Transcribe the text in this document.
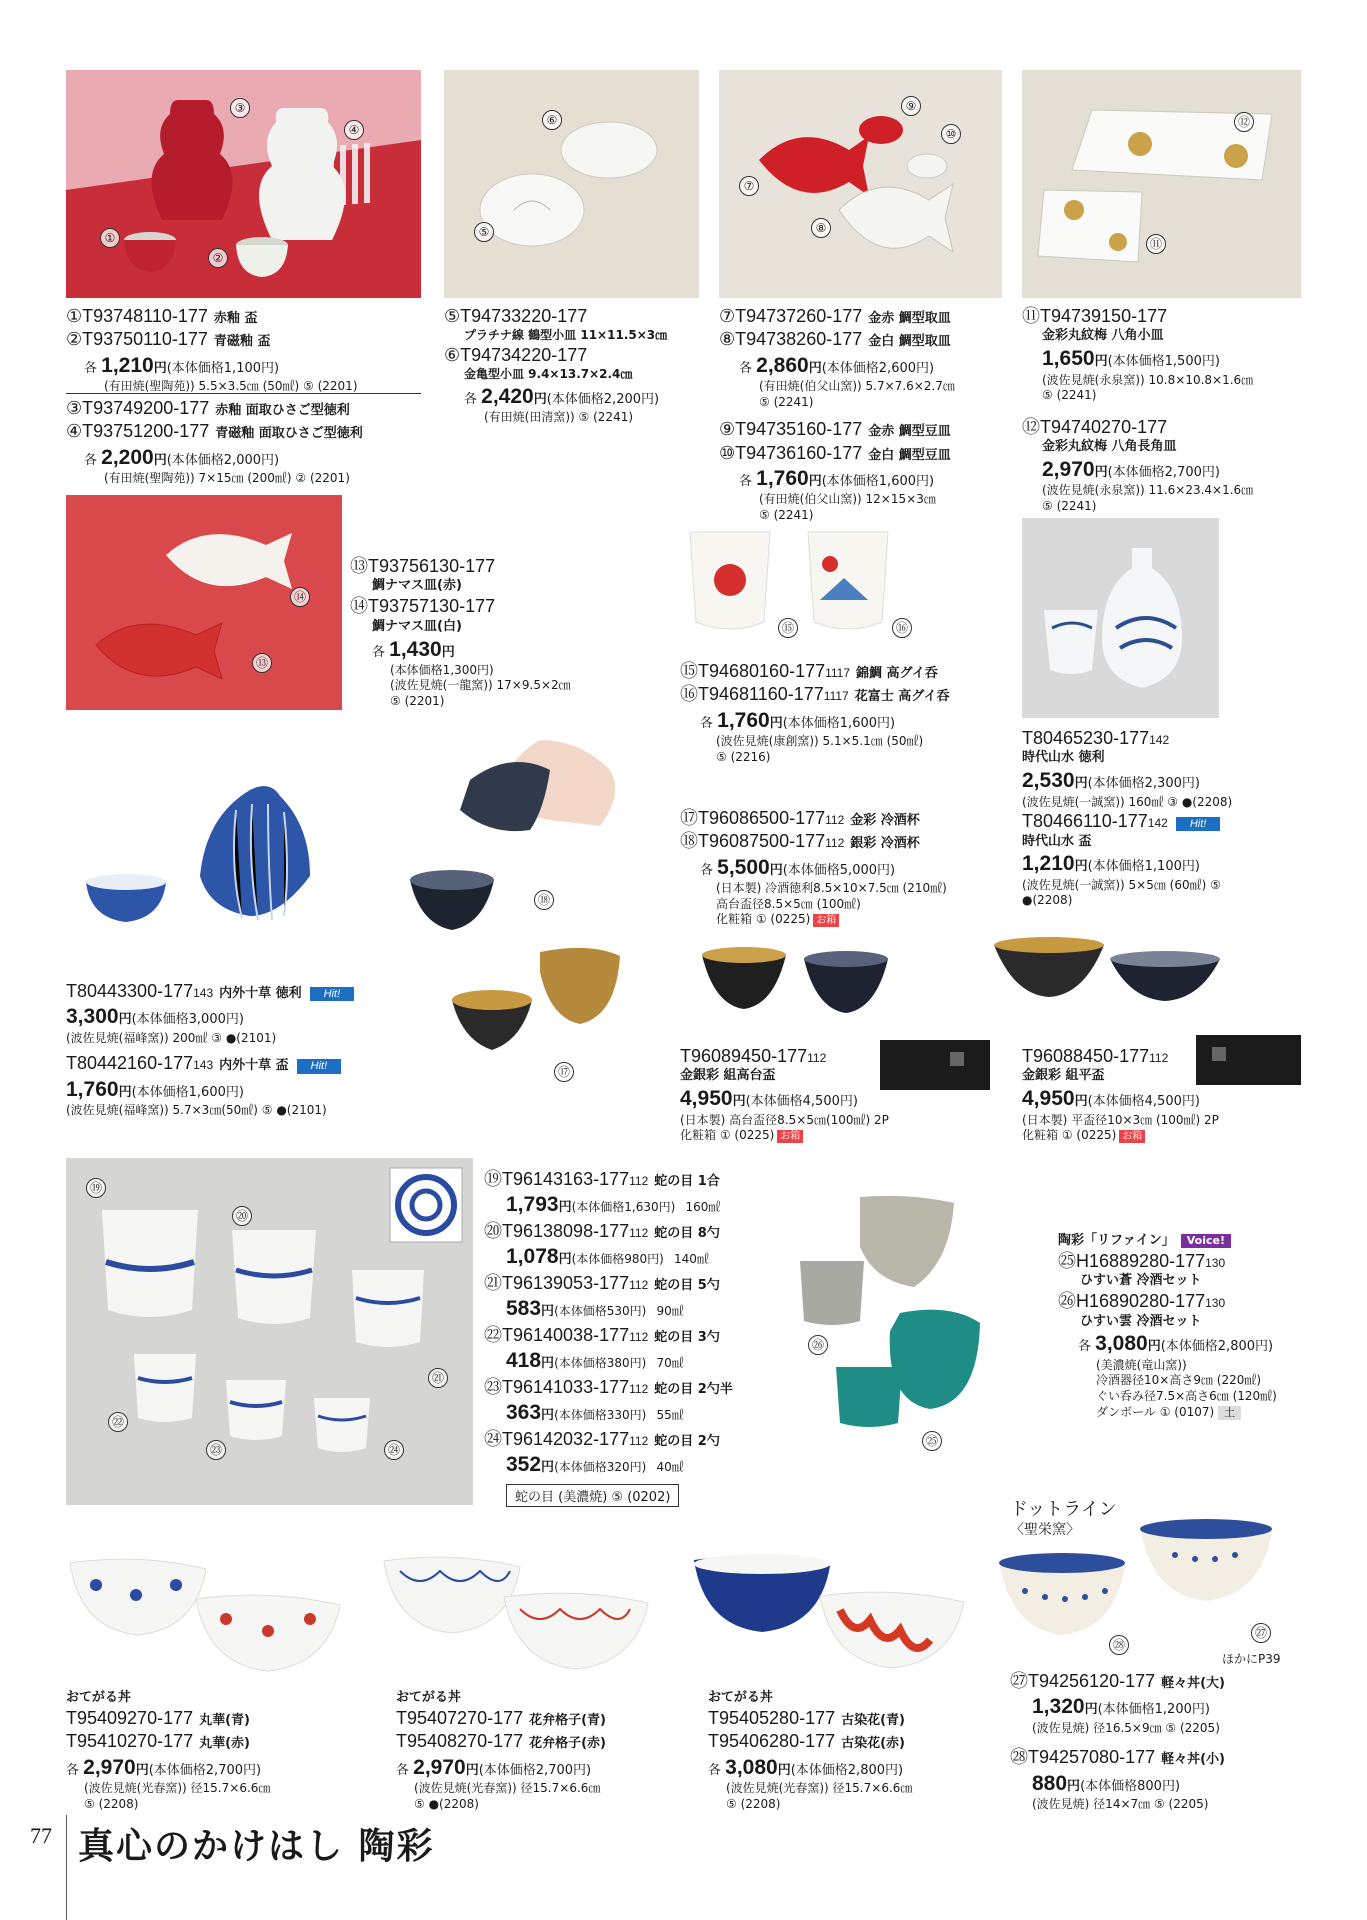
③
④
①
②
⑥
⑤
⑨
⑩
⑦
⑧
⑫
⑪
⑭
⑬
⑮	⑯
⑱
⑰
⑲
⑳
㉑
㉒
㉓	㉔
㉖
㉕
㉘
㉗
①T93748110-177 赤釉 盃
②T93750110-177 青磁釉 盃
各 1,210円(本体価格1,100円)
(有田焼(聖陶苑)) 5.5×3.5㎝ (50㎖) ⑤ (2201)
③T93749200-177 赤釉 面取ひさご型徳利
④T93751200-177 青磁釉 面取ひさご型徳利
各 2,200円(本体価格2,000円)
(有田焼(聖陶苑)) 7×15㎝ (200㎖) ② (2201)
⑤T94733220-177
プラチナ線 鶴型小皿 11×11.5×3㎝
⑥T94734220-177
金亀型小皿 9.4×13.7×2.4㎝
各 2,420円(本体価格2,200円)
(有田焼(田清窯)) ⑤ (2241)
⑦T94737260-177 金赤 鯛型取皿
⑧T94738260-177 金白 鯛型取皿
各 2,860円(本体価格2,600円)
(有田焼(伯父山窯)) 5.7×7.6×2.7㎝
⑤ (2241)
⑨T94735160-177 金赤 鯛型豆皿
⑩T94736160-177 金白 鯛型豆皿
各 1,760円(本体価格1,600円)
(有田焼(伯父山窯)) 12×15×3㎝
⑤ (2241)
⑪T94739150-177
金彩丸紋梅 八角小皿
1,650円(本体価格1,500円)
(波佐見焼(永泉窯)) 10.8×10.8×1.6㎝
⑤ (2241)
⑫T94740270-177
金彩丸紋梅 八角長角皿
2,970円(本体価格2,700円)
(波佐見焼(永泉窯)) 11.6×23.4×1.6㎝
⑤ (2241)
⑬T93756130-177
鯛ナマス皿(赤)
⑭T93757130-177
鯛ナマス皿(白)
各 1,430円
(本体価格1,300円)
(波佐見焼(一龍窯)) 17×9.5×2㎝
⑤ (2201)
⑮T94680160-1771117 錦鯛 高グイ呑
⑯T94681160-1771117 花富士 高グイ呑
各 1,760円(本体価格1,600円)
(波佐見焼(康創窯)) 5.1×5.1㎝ (50㎖)
⑤ (2216)
T80465230-177142
時代山水 徳利
2,530円(本体価格2,300円)
(波佐見焼(一誠窯)) 160㎖ ③ ●(2208)
T80466110-177142 Hit!
時代山水 盃
1,210円(本体価格1,100円)
(波佐見焼(一誠窯)) 5×5㎝ (60㎖) ⑤
●(2208)
T80443300-177143 内外十草 徳利 Hit!
3,300円(本体価格3,000円)
(波佐見焼(福峰窯)) 200㎖ ③ ●(2101)
T80442160-177143 内外十草 盃 Hit!
1,760円(本体価格1,600円)
(波佐見焼(福峰窯)) 5.7×3㎝(50㎖) ⑤ ●(2101)
⑰T96086500-177112 金彩 冷酒杯
⑱T96087500-177112 銀彩 冷酒杯
各 5,500円(本体価格5,000円)
(日本製) 冷酒徳利8.5×10×7.5㎝ (210㎖)
高台盃径8.5×5㎝ (100㎖)
化粧箱 ① (0225) お箱
T96089450-177112
金銀彩 組高台盃
4,950円(本体価格4,500円)
(日本製) 高台盃径8.5×5㎝(100㎖) 2P
化粧箱 ① (0225) お箱
T96088450-177112
金銀彩 組平盃
4,950円(本体価格4,500円)
(日本製) 平盃径10×3㎝ (100㎖) 2P
化粧箱 ① (0225) お箱
⑲T96143163-177112 蛇の目 1合
1,793円(本体価格1,630円) 160㎖
⑳T96138098-177112 蛇の目 8勺
1,078円(本体価格980円) 140㎖
㉑T96139053-177112 蛇の目 5勺
583円(本体価格530円) 90㎖
㉒T96140038-177112 蛇の目 3勺
418円(本体価格380円) 70㎖
㉓T96141033-177112 蛇の目 2勺半
363円(本体価格330円) 55㎖
㉔T96142032-177112 蛇の目 2勺
352円(本体価格320円) 40㎖
蛇の目 (美濃焼) ⑤ (0202)
陶彩「リファイン」 Voice!
㉕H16889280-177130
ひすい蒼 冷酒セット
㉖H16890280-177130
ひすい雲 冷酒セット
各 3,080円(本体価格2,800円)
(美濃焼(竜山窯))
冷酒器径10×高さ9㎝ (220㎖)
ぐい呑み径7.5×高さ6㎝ (120㎖)
ダンボール ① (0107) 土
ドットライン
〈聖栄窯〉
ほかにP39
㉗T94256120-177 軽々丼(大)
1,320円(本体価格1,200円)
(波佐見焼) 径16.5×9㎝ ⑤ (2205)
㉘T94257080-177 軽々丼(小)
880円(本体価格800円)
(波佐見焼) 径14×7㎝ ⑤ (2205)
おてがる丼
T95409270-177 丸華(青)
T95410270-177 丸華(赤)
各 2,970円(本体価格2,700円)
(波佐見焼(光春窯)) 径15.7×6.6㎝
⑤ (2208)
おてがる丼
T95407270-177 花弁格子(青)
T95408270-177 花弁格子(赤)
各 2,970円(本体価格2,700円)
(波佐見焼(光春窯)) 径15.7×6.6㎝
⑤ ●(2208)
おてがる丼
T95405280-177 古染花(青)
T95406280-177 古染花(赤)
各 3,080円(本体価格2,800円)
(波佐見焼(光春窯)) 径15.7×6.6㎝
⑤ (2208)
77 真心のかけはし 陶彩
